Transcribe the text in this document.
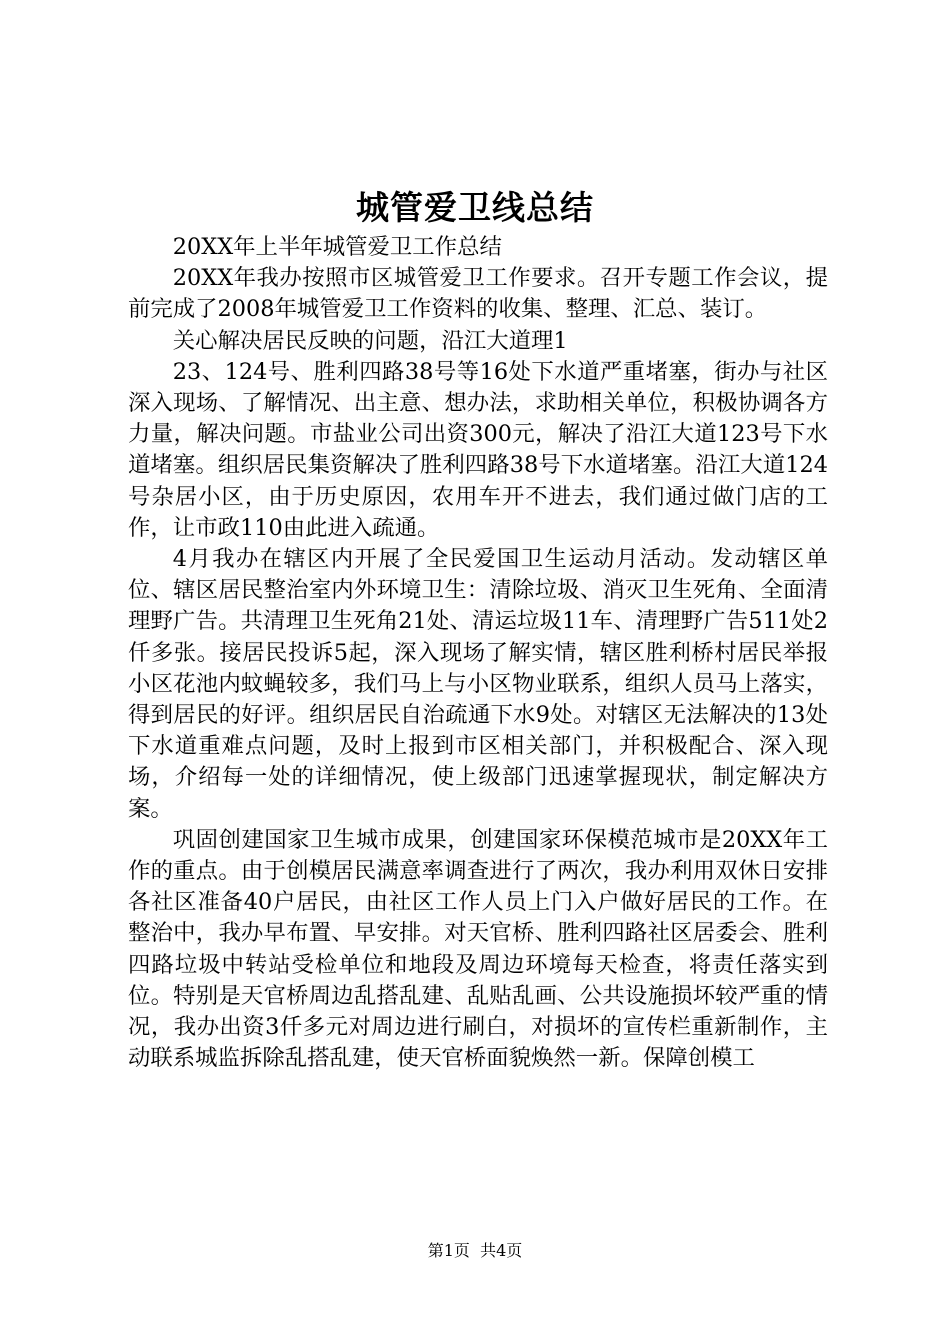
城管爱卫线总结

20XX年上半年城管爱卫工作总结

20XX年我办按照市区城管爱卫工作要求。召开专题工作会议，提前完成了2008年城管爱卫工作资料的收集、整理、汇总、装订。

关心解决居民反映的问题，沿江大道理1

23、124号、胜利四路38号等16处下水道严重堵塞，街办与社区深入现场、了解情况、出主意、想办法，求助相关单位，积极协调各方力量，解决问题。市盐业公司出资300元，解决了沿江大道123号下水道堵塞。组织居民集资解决了胜利四路38号下水道堵塞。沿江大道124号杂居小区，由于历史原因，农用车开不进去，我们通过做门店的工作，让市政110由此进入疏通。

4月我办在辖区内开展了全民爱国卫生运动月活动。发动辖区单位、辖区居民整治室内外环境卫生：清除垃圾、消灭卫生死角、全面清理野广告。共清理卫生死角21处、清运垃圾11车、清理野广告511处2仟多张。接居民投诉5起，深入现场了解实情，辖区胜利桥村居民举报小区花池内蚊蝇较多，我们马上与小区物业联系，组织人员马上落实，得到居民的好评。组织居民自治疏通下水9处。对辖区无法解决的13处下水道重难点问题，及时上报到市区相关部门，并积极配合、深入现场，介绍每一处的详细情况，使上级部门迅速掌握现状，制定解决方案。

巩固创建国家卫生城市成果，创建国家环保模范城市是20XX年工作的重点。由于创模居民满意率调查进行了两次，我办利用双休日安排各社区准备40户居民，由社区工作人员上门入户做好居民的工作。在整治中，我办早布置、早安排。对天官桥、胜利四路社区居委会、胜利四路垃圾中转站受检单位和地段及周边环境每天检查，将责任落实到位。特别是天官桥周边乱搭乱建、乱贴乱画、公共设施损坏较严重的情况，我办出资3仟多元对周边进行刷白，对损坏的宣传栏重新制作，主动联系城监拆除乱搭乱建，使天官桥面貌焕然一新。保障创模工

第1页 共4页
